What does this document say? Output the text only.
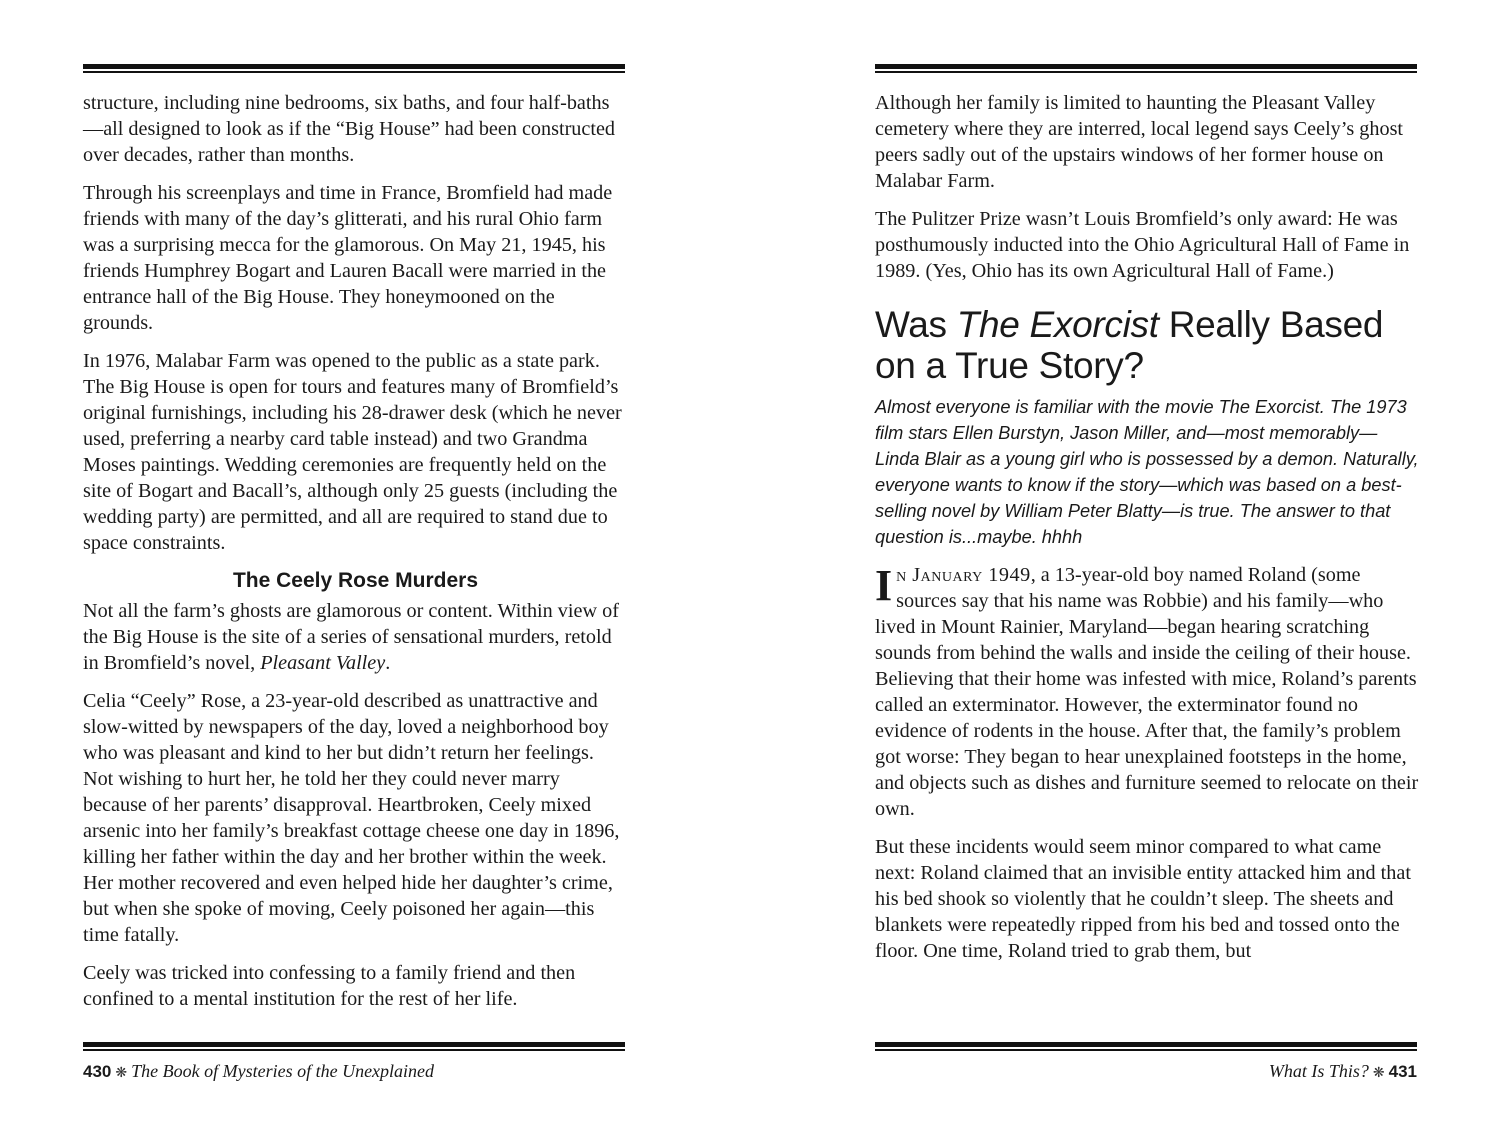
structure, including nine bedrooms, six baths, and four half-baths—all designed to look as if the “Big House” had been constructed over decades, rather than months.

Through his screenplays and time in France, Bromfield had made friends with many of the day’s glitterati, and his rural Ohio farm was a surprising mecca for the glamorous. On May 21, 1945, his friends Humphrey Bogart and Lauren Bacall were married in the entrance hall of the Big House. They honeymooned on the grounds.

In 1976, Malabar Farm was opened to the public as a state park. The Big House is open for tours and features many of Bromfield’s original furnishings, including his 28-drawer desk (which he never used, preferring a nearby card table instead) and two Grandma Moses paintings. Wedding ceremonies are frequently held on the site of Bogart and Bacall’s, although only 25 guests (including the wedding party) are permitted, and all are required to stand due to space constraints.

The Ceely Rose Murders

Not all the farm’s ghosts are glamorous or content. Within view of the Big House is the site of a series of sensational murders, retold in Bromfield’s novel, Pleasant Valley.

Celia “Ceely” Rose, a 23-year-old described as unattractive and slow-witted by newspapers of the day, loved a neighborhood boy who was pleasant and kind to her but didn’t return her feelings. Not wishing to hurt her, he told her they could never marry because of her parents’ disapproval. Heartbroken, Ceely mixed arsenic into her family’s breakfast cottage cheese one day in 1896, killing her father within the day and her brother within the week. Her mother recovered and even helped hide her daughter’s crime, but when she spoke of moving, Ceely poisoned her again—this time fatally.

Ceely was tricked into confessing to a family friend and then confined to a mental institution for the rest of her life.

430 ❋ The Book of Mysteries of the Unexplained

Although her family is limited to haunting the Pleasant Valley cemetery where they are interred, local legend says Ceely’s ghost peers sadly out of the upstairs windows of her former house on Malabar Farm.

The Pulitzer Prize wasn’t Louis Bromfield’s only award: He was posthumously inducted into the Ohio Agricultural Hall of Fame in 1989. (Yes, Ohio has its own Agricultural Hall of Fame.)

Was The Exorcist Really Based on a True Story?

Almost everyone is familiar with the movie The Exorcist. The 1973 film stars Ellen Burstyn, Jason Miller, and—most memorably—Linda Blair as a young girl who is possessed by a demon. Naturally, everyone wants to know if the story—which was based on a best-selling novel by William Peter Blatty—is true. The answer to that question is...maybe. hhhh

In January 1949, a 13-year-old boy named Roland (some sources say that his name was Robbie) and his family—who lived in Mount Rainier, Maryland—began hearing scratching sounds from behind the walls and inside the ceiling of their house. Believing that their home was infested with mice, Roland’s parents called an exterminator. However, the exterminator found no evidence of rodents in the house. After that, the family’s problem got worse: They began to hear unexplained footsteps in the home, and objects such as dishes and furniture seemed to relocate on their own.

But these incidents would seem minor compared to what came next: Roland claimed that an invisible entity attacked him and that his bed shook so violently that he couldn’t sleep. The sheets and blankets were repeatedly ripped from his bed and tossed onto the floor. One time, Roland tried to grab them, but

What Is This? ❋ 431
